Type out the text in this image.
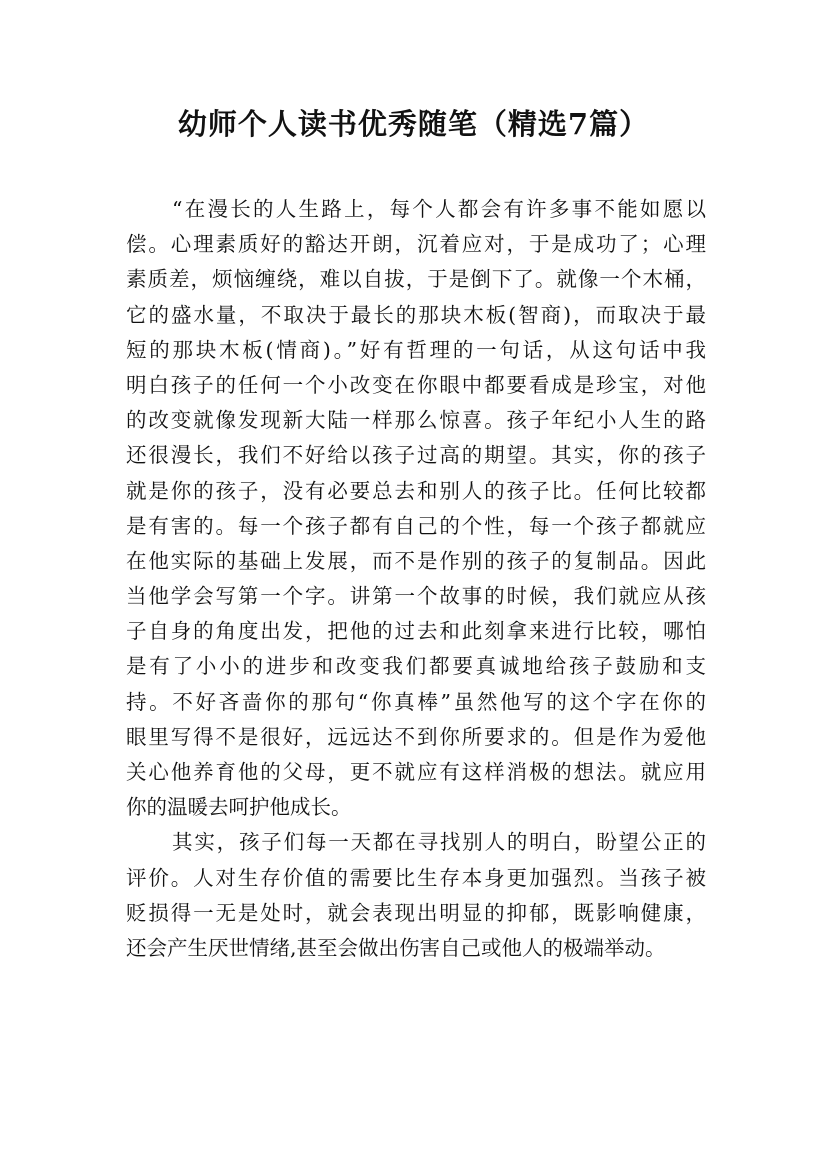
幼师个人读书优秀随笔（精选7篇）
“在漫长的人生路上，每个人都会有许多事不能如愿以
偿。心理素质好的豁达开朗，沉着应对，于是成功了；心理
素质差，烦恼缠绕，难以自拔，于是倒下了。就像一个木桶，
它的盛水量，不取决于最长的那块木板(智商)，而取决于最
短的那块木板(情商)。”好有哲理的一句话，从这句话中我
明白孩子的任何一个小改变在你眼中都要看成是珍宝，对他
的改变就像发现新大陆一样那么惊喜。孩子年纪小人生的路
还很漫长，我们不好给以孩子过高的期望。其实，你的孩子
就是你的孩子，没有必要总去和别人的孩子比。任何比较都
是有害的。每一个孩子都有自己的个性，每一个孩子都就应
在他实际的基础上发展，而不是作别的孩子的复制品。因此
当他学会写第一个字。讲第一个故事的时候，我们就应从孩
子自身的角度出发，把他的过去和此刻拿来进行比较，哪怕
是有了小小的进步和改变我们都要真诚地给孩子鼓励和支
持。不好吝啬你的那句“你真棒”虽然他写的这个字在你的
眼里写得不是很好，远远达不到你所要求的。但是作为爱他
关心他养育他的父母，更不就应有这样消极的想法。就应用
你的温暖去呵护他成长。
其实，孩子们每一天都在寻找别人的明白，盼望公正的
评价。人对生存价值的需要比生存本身更加强烈。当孩子被
贬损得一无是处时，就会表现出明显的抑郁，既影响健康，
还会产生厌世情绪,甚至会做出伤害自己或他人的极端举动。
